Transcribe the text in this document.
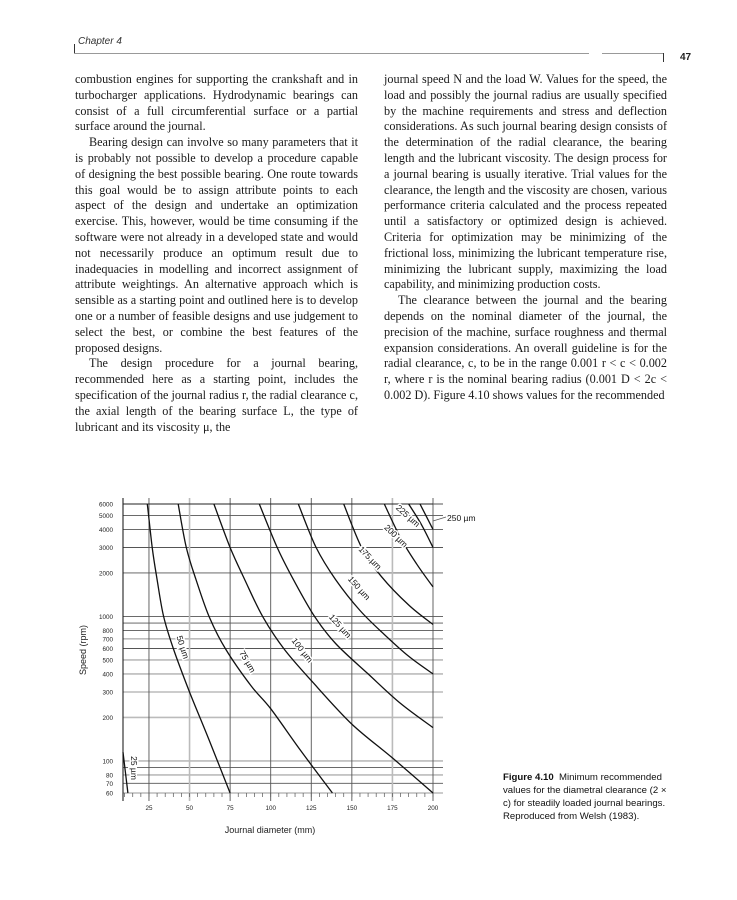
Chapter 4
47

combustion engines for supporting the crankshaft and in turbocharger applications. Hydrodynamic bearings can consist of a full circumferential surface or a partial surface around the journal.

Bearing design can involve so many parameters that it is probably not possible to develop a procedure capable of designing the best possible bearing. One route towards this goal would be to assign attribute points to each aspect of the design and undertake an optimization exercise. This, however, would be time consuming if the software were not already in a developed state and would not necessarily produce an optimum result due to inadequacies in modelling and incorrect assignment of attribute weightings. An alternative approach which is sensible as a starting point and outlined here is to develop one or a number of feasible designs and use judgement to select the best, or combine the best features of the proposed designs.

The design procedure for a journal bearing, recommended here as a starting point, includes the specification of the journal radius r, the radial clearance c, the axial length of the bearing surface L, the type of lubricant and its viscosity μ, the

journal speed N and the load W. Values for the speed, the load and possibly the journal radius are usually specified by the machine requirements and stress and deflection considerations. As such journal bearing design consists of the determination of the radial clearance, the bearing length and the lubricant viscosity. The design process for a journal bearing is usually iterative. Trial values for the clearance, the length and the viscosity are chosen, various performance criteria calculated and the process repeated until a satisfactory or optimized design is achieved. Criteria for optimization may be minimizing of the frictional loss, minimizing the lubricant temperature rise, minimizing the lubricant supply, maximizing the load capability, and minimizing production costs.

The clearance between the journal and the bearing depends on the nominal diameter of the journal, the precision of the machine, surface roughness and thermal expansion considerations. An overall guideline is for the radial clearance, c, to be in the range 0.001 r < c < 0.002 r, where r is the nominal bearing radius (0.001 D < 2c < 0.002 D). Figure 4.10 shows values for the recommended

60
70
80
100
200
300
400
500
600
700
800
1000
2000
3000
4000
5000
6000
25	50	75	100	125	150	175	200
Journal diameter (mm)
Speed (rpm)
25 µm
50 µm
75 µm	100 µm
125 µm
150 µm
175 µm
200 µm
225 µm	250 µm
Figure 4.10 Minimum recommended values for the diametral clearance (2 × c) for steadily loaded journal bearings. Reproduced from Welsh (1983).
